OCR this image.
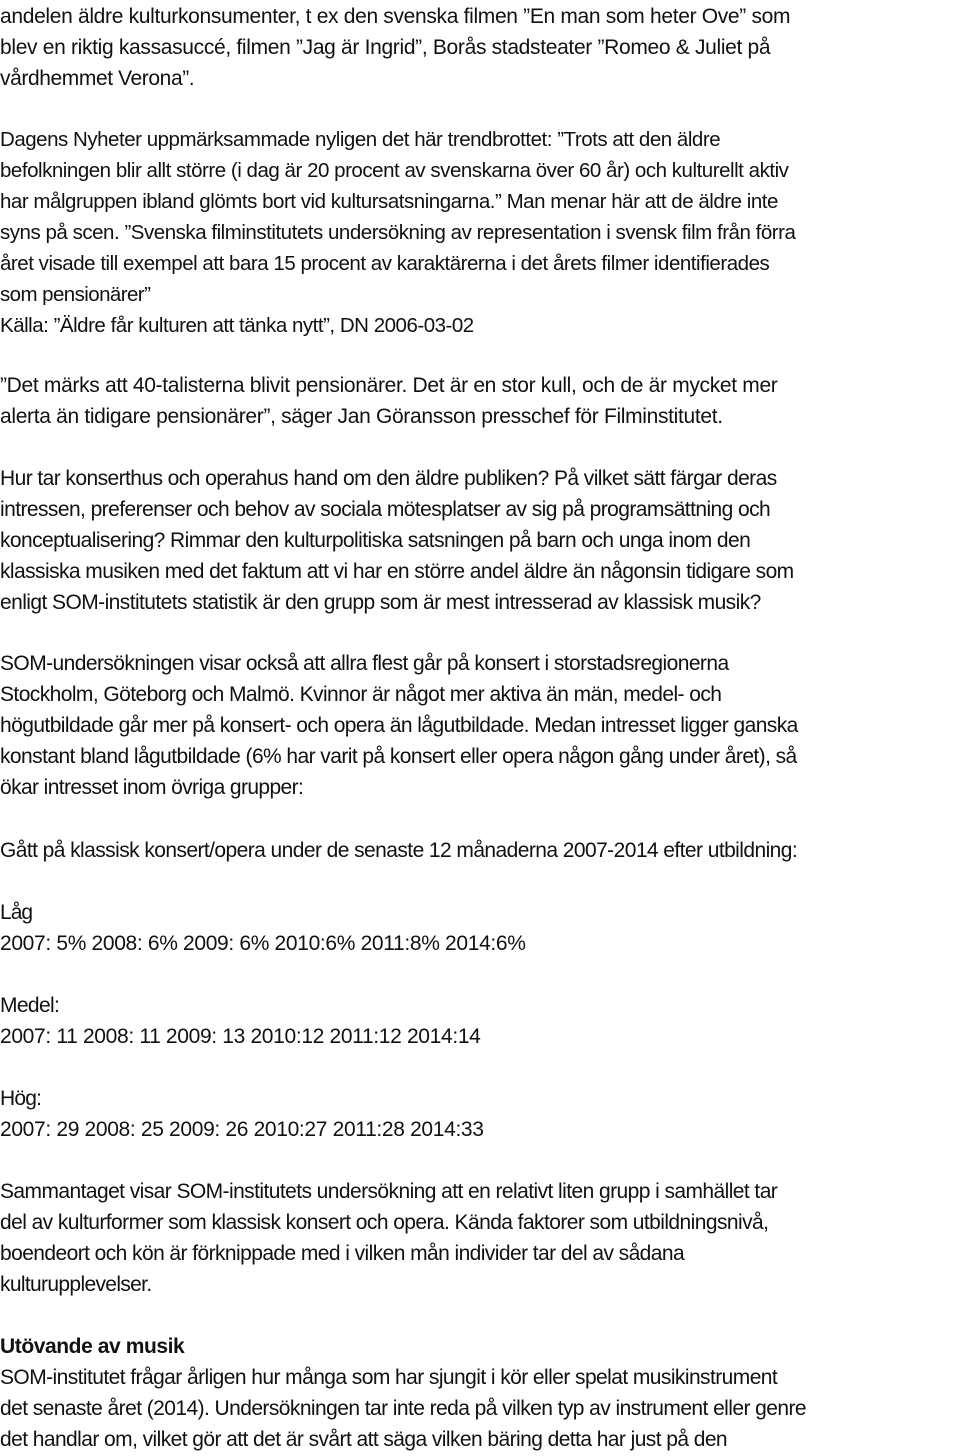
andelen äldre kulturkonsumenter, t ex den svenska filmen ”En man som heter Ove” som
blev en riktig kassasuccé, filmen ”Jag är Ingrid”, Borås stadsteater ”Romeo & Juliet på
vårdhemmet Verona”.
Dagens Nyheter uppmärksammade nyligen det här trendbrottet: ”Trots att den äldre
befolkningen blir allt större (i dag är 20 procent av svenskarna över 60 år) och kulturellt aktiv
har målgruppen ibland glömts bort vid kultursatsningarna.” Man menar här att de äldre inte
syns på scen. ”Svenska filminstitutets undersökning av representation i svensk film från förra
året visade till exempel att bara 15 procent av karaktärerna i det årets filmer identifierades
som pensionärer”
Källa: ”Äldre får kulturen att tänka nytt”, DN 2006-03-02
”Det märks att 40-talisterna blivit pensionärer. Det är en stor kull, och de är mycket mer
alerta än tidigare pensionärer”, säger Jan Göransson presschef för Filminstitutet.
Hur tar konserthus och operahus hand om den äldre publiken? På vilket sätt färgar deras
intressen, preferenser och behov av sociala mötesplatser av sig på programsättning och
konceptualisering? Rimmar den kulturpolitiska satsningen på barn och unga inom den
klassiska musiken med det faktum att vi har en större andel äldre än någonsin tidigare som
enligt SOM-institutets statistik är den grupp som är mest intresserad av klassisk musik?
SOM-undersökningen visar också att allra flest går på konsert i storstadsregionerna
Stockholm, Göteborg och Malmö. Kvinnor är något mer aktiva än män, medel- och
högutbildade går mer på konsert- och opera än lågutbildade. Medan intresset ligger ganska
konstant bland lågutbildade (6% har varit på konsert eller opera någon gång under året), så
ökar intresset inom övriga grupper:
Gått på klassisk konsert/opera under de senaste 12 månaderna 2007-2014 efter utbildning:
Låg
2007: 5% 2008: 6% 2009: 6% 2010:6% 2011:8% 2014:6%
Medel:
2007: 11 2008: 11 2009: 13 2010:12 2011:12 2014:14
Hög:
2007: 29 2008: 25 2009: 26 2010:27 2011:28 2014:33
Sammantaget visar SOM-institutets undersökning att en relativt liten grupp i samhället tar
del av kulturformer som klassisk konsert och opera. Kända faktorer som utbildningsnivå,
boendeort och kön är förknippade med i vilken mån individer tar del av sådana
kulturupplevelser.
Utövande av musik
SOM-institutet frågar årligen hur många som har sjungit i kör eller spelat musikinstrument
det senaste året (2014). Undersökningen tar inte reda på vilken typ av instrument eller genre
det handlar om, vilket gör att det är svårt att säga vilken bäring detta har just på den
